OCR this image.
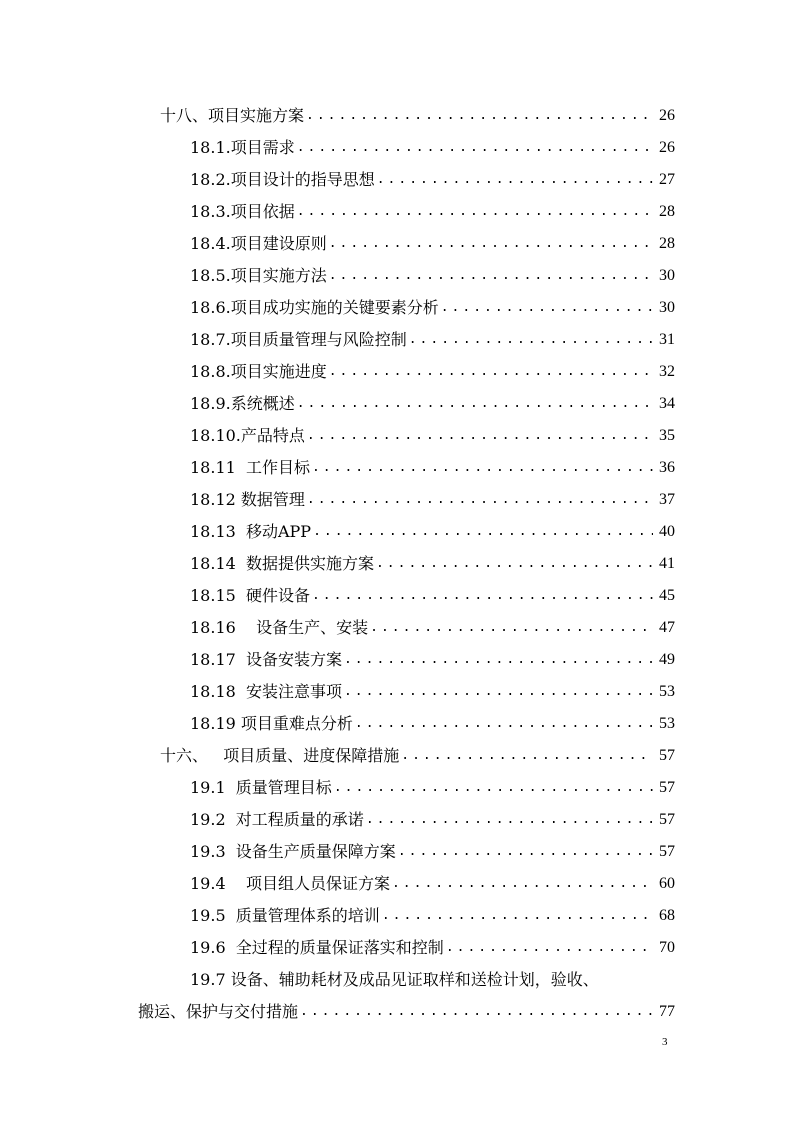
十八、项目实施方案 .....	26
18.1.项目需求 .....	26
18.2.项目设计的指导思想 .....	27
18.3.项目依据 .....	28
18.4.项目建设原则 .....	28
18.5.项目实施方法 .....	30
18.6.项目成功实施的关键要素分析 .....	30
18.7.项目质量管理与风险控制 .....	31
18.8.项目实施进度 .....	32
18.9.系统概述 .....	34
18.10.产品特点 .....	35
18.11  工作目标 .....	36
18.12 数据管理 .....	37
18.13  移动APP .....	40
18.14  数据提供实施方案 .....	41
18.15  硬件设备 .....	45
18.16    设备生产、安装 .....	47
18.17  设备安装方案 .....	49
18.18  安装注意事项 .....	53
18.19 项目重难点分析 .....	53
十六、   项目质量、进度保障措施 .....	57
19.1  质量管理目标 .....	57
19.2  对工程质量的承诺 .....	57
19.3  设备生产质量保障方案 .....	57
19.4    项目组人员保证方案 .....	60
19.5  质量管理体系的培训 .....	68
19.6  全过程的质量保证落实和控制 .....	70
19.7 设备、辅助耗材及成品见证取样和送检计划，验收、
搬运、保护与交付措施 .....	77
3
